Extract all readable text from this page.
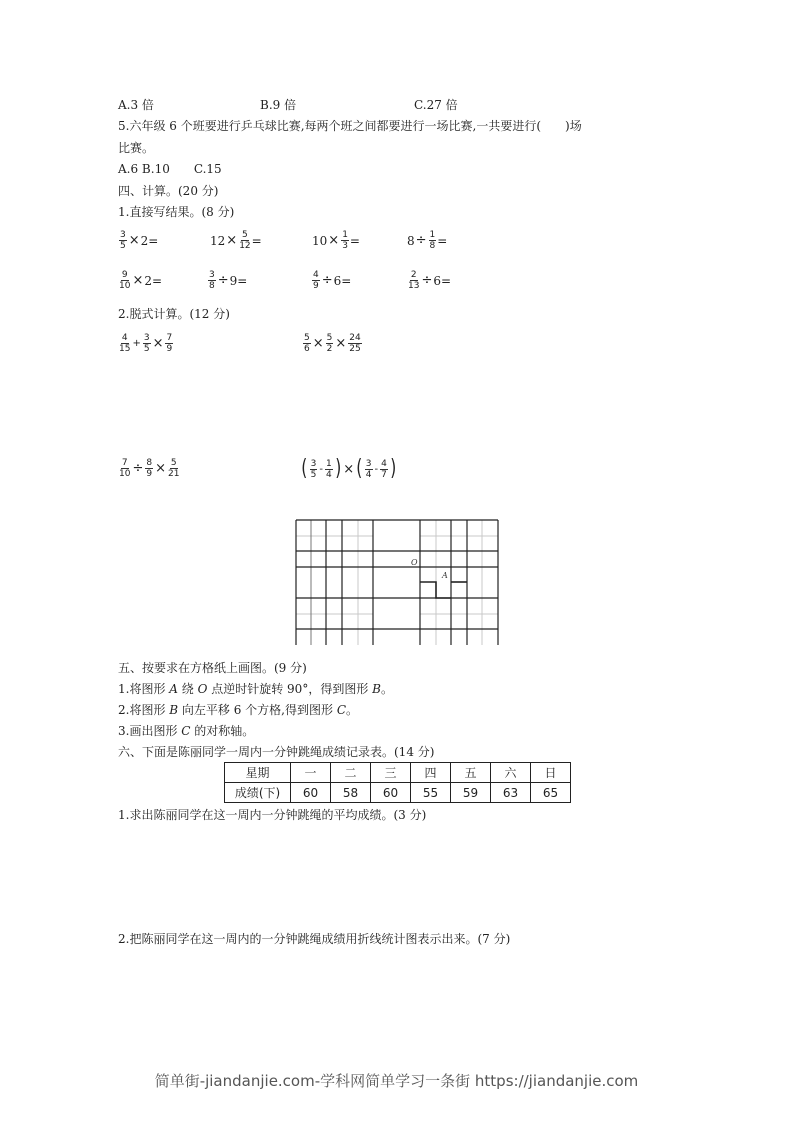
A.3 倍	B.9 倍	C.27 倍
5.六年级 6 个班要进行乒乓球比赛,每两个班之间都要进行一场比赛,一共要进行(　　)场
比赛。
A.6 B.10　　C.15
四、计算。(20 分)
1.直接写结果。(8 分)
$\frac{3}{5} \times 2=$	$12 \times \frac{5}{12}$ =	$10 \times \frac{1}{3}$ =	$8 \div \frac{1}{8}$ =
$\frac{9}{10} \times 2=$	$\frac{3}{8} \div 9=$	$\frac{4}{9} \div 6=$	$\frac{2}{13} \div 6=$
2.脱式计算。(12 分)
$\frac{4}{15} + \frac{3}{5} \times \frac{7}{9}$	$\frac{5}{6} \times \frac{5}{2} \times \frac{24}{25}$
$\frac{7}{10} \div \frac{8}{9} \times \frac{5}{21}$	( $\frac{3}{5} - \frac{1}{4}$ ) × ( $\frac{3}{4} - \frac{4}{7}$ )
O
A
五、按要求在方格纸上画图。(9 分)
1.将图形 A 绕 O 点逆时针旋转 90°，得到图形 B。
2.将图形 B 向左平移 6 个方格,得到图形 C。
3.画出图形 C 的对称轴。
六、下面是陈丽同学一周内一分钟跳绳成绩记录表。(14 分)
星期	一	二	三	四	五	六	日
成绩(下)	60	58	60	55	59	63	65
1.求出陈丽同学在这一周内一分钟跳绳的平均成绩。(3 分)
2.把陈丽同学在这一周内的一分钟跳绳成绩用折线统计图表示出来。(7 分)
简单街-jiandanjie.com-学科网简单学习一条街 https://jiandanjie.com
